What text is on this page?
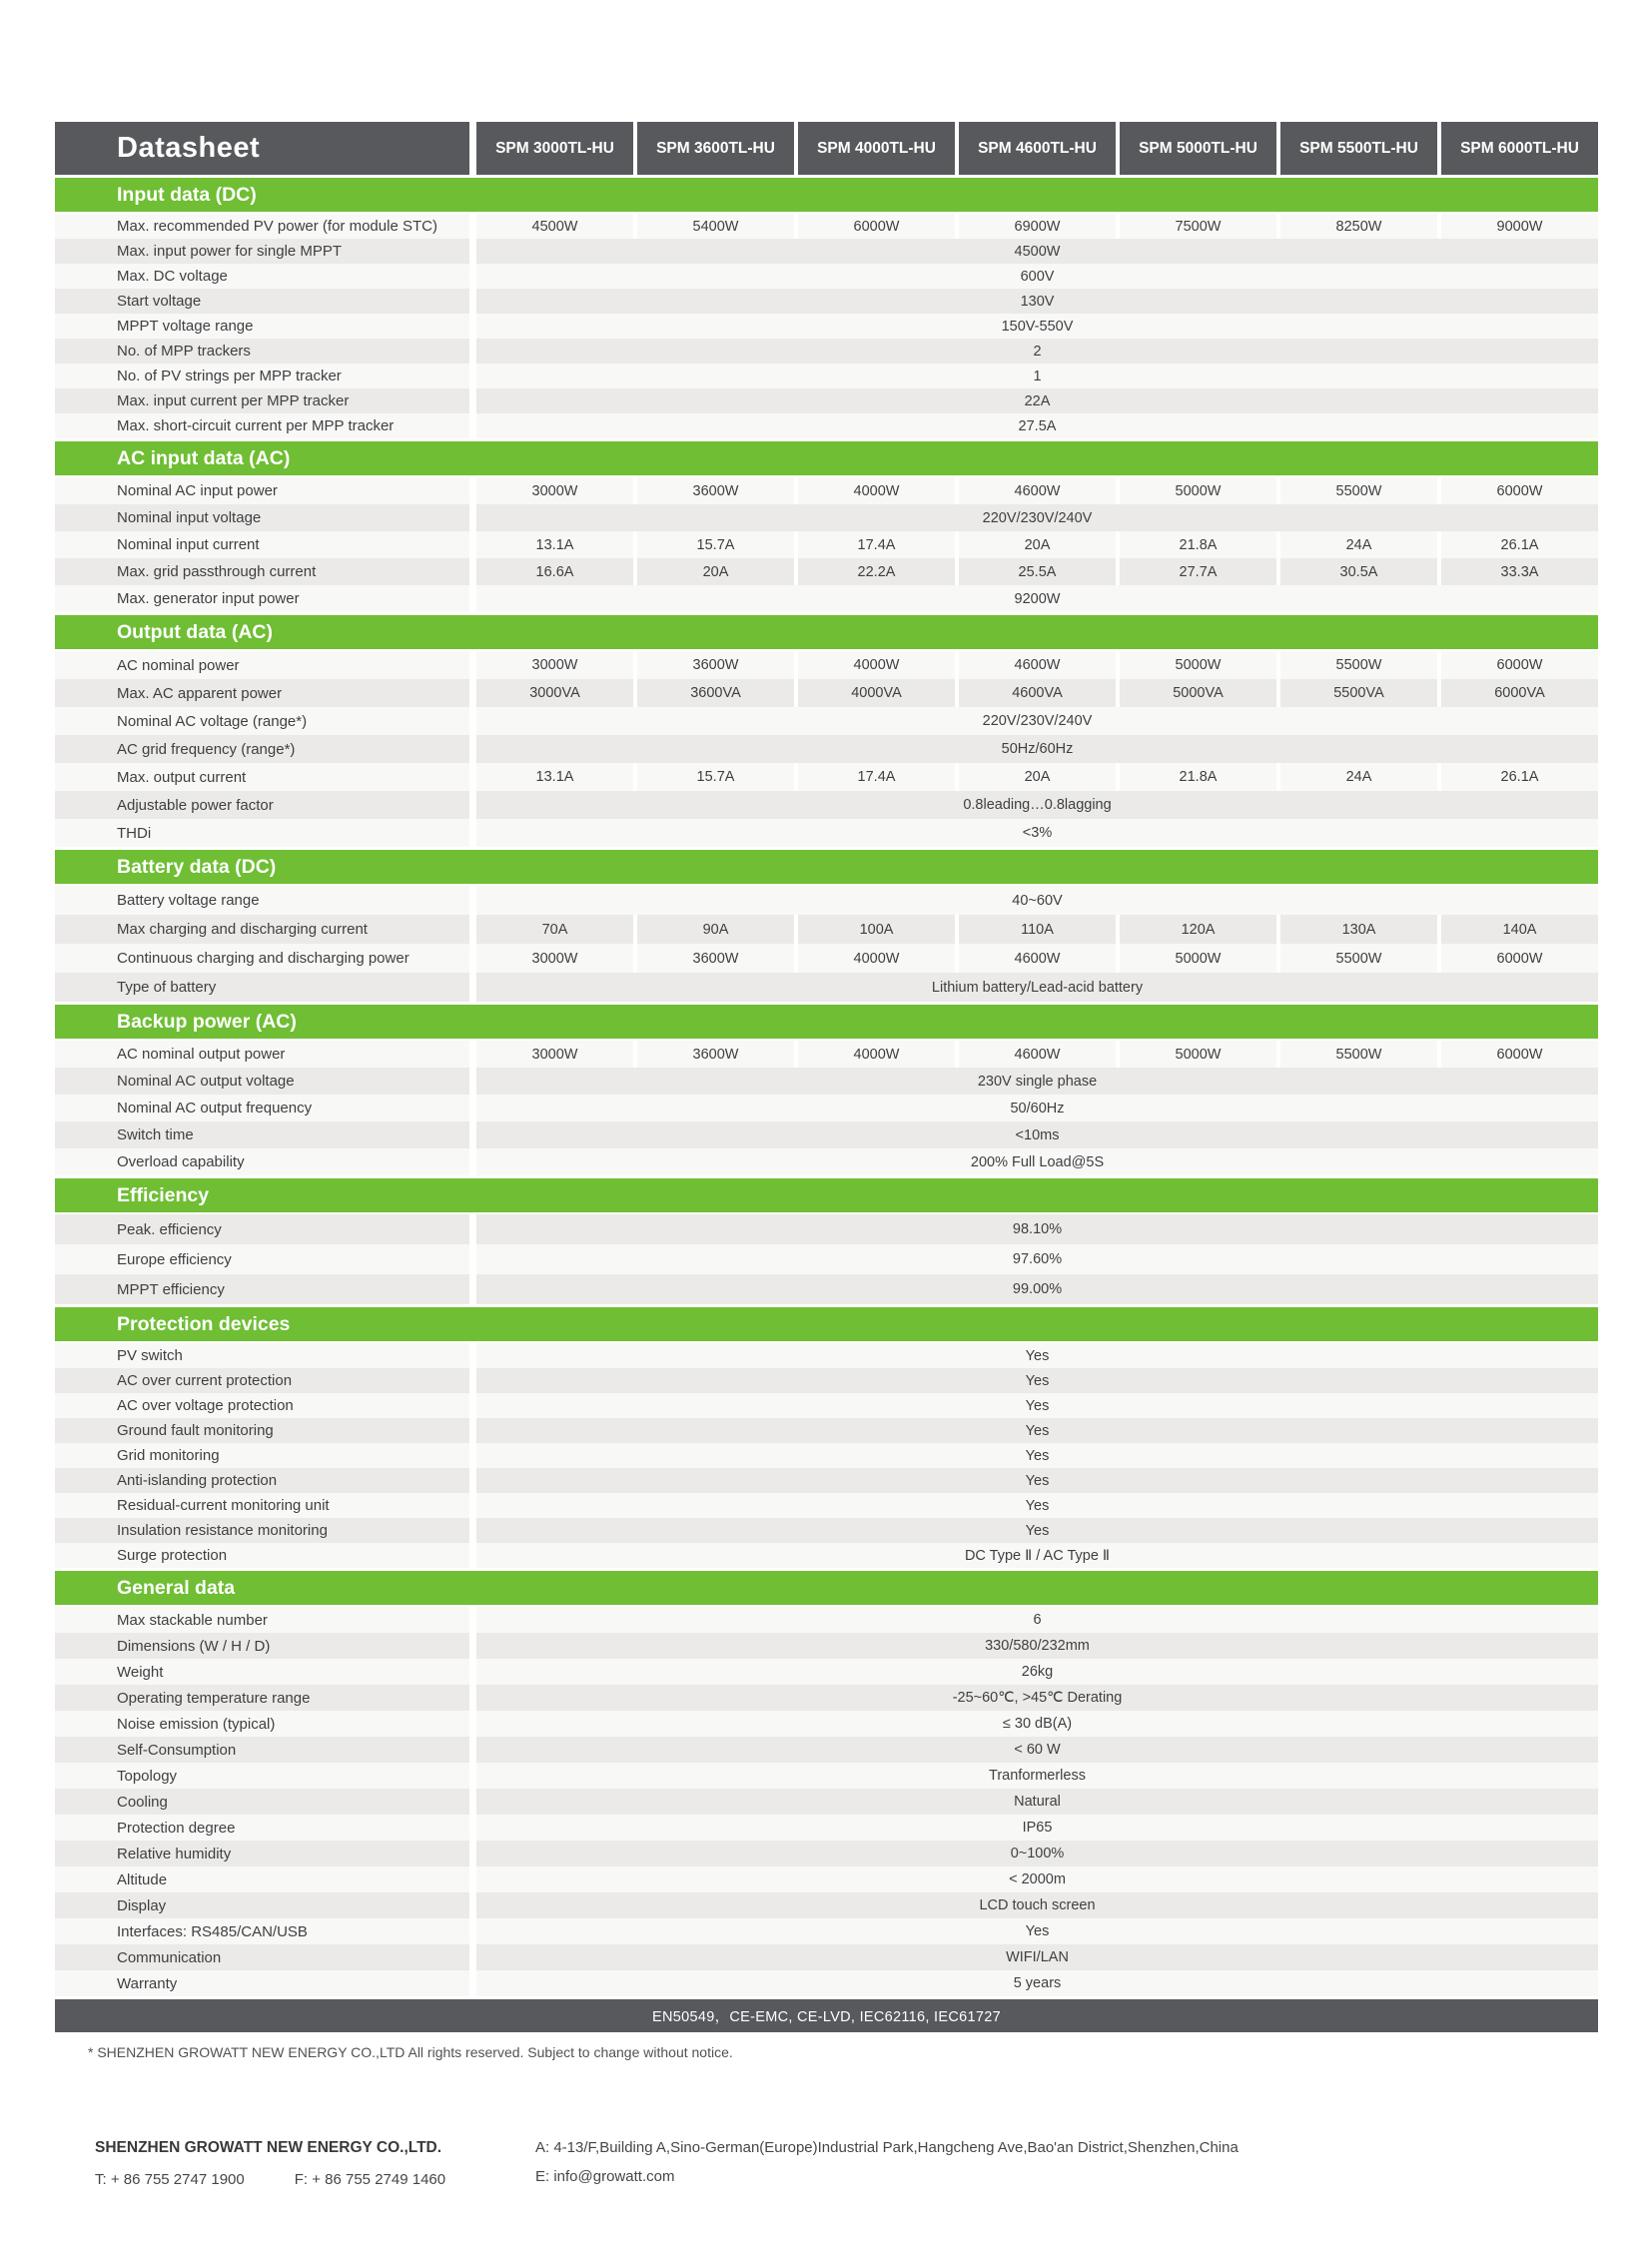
Datasheet	SPM 3000TL-HU	SPM 3600TL-HU	SPM 4000TL-HU	SPM 4600TL-HU	SPM 5000TL-HU	SPM 5500TL-HU	SPM 6000TL-HU
Input data (DC)
Max. recommended PV power (for module STC)	4500W	5400W	6000W	6900W	7500W	8250W	9000W
Max. input power for single MPPT	4500W
Max. DC voltage	600V
Start voltage	130V
MPPT voltage range	150V-550V
No. of MPP trackers	2
No. of PV strings per MPP tracker	1
Max. input current per MPP tracker	22A
Max. short-circuit current per MPP tracker	27.5A
AC input data (AC)
Nominal AC input power	3000W	3600W	4000W	4600W	5000W	5500W	6000W
Nominal input voltage	220V/230V/240V
Nominal input current	13.1A	15.7A	17.4A	20A	21.8A	24A	26.1A
Max. grid passthrough current	16.6A	20A	22.2A	25.5A	27.7A	30.5A	33.3A
Max. generator input power	9200W
Output data (AC)
AC nominal power	3000W	3600W	4000W	4600W	5000W	5500W	6000W
Max. AC apparent power	3000VA	3600VA	4000VA	4600VA	5000VA	5500VA	6000VA
Nominal AC voltage (range*)	220V/230V/240V
AC grid frequency (range*)	50Hz/60Hz
Max. output current	13.1A	15.7A	17.4A	20A	21.8A	24A	26.1A
Adjustable power factor	0.8leading…0.8lagging
THDi	<3%
Battery data (DC)
Battery voltage range	40~60V
Max charging and discharging current	70A	90A	100A	110A	120A	130A	140A
Continuous charging and discharging power	3000W	3600W	4000W	4600W	5000W	5500W	6000W
Type of battery	Lithium battery/Lead-acid battery
Backup power (AC)
AC nominal output power	3000W	3600W	4000W	4600W	5000W	5500W	6000W
Nominal AC output voltage	230V single phase
Nominal AC output frequency	50/60Hz
Switch time	<10ms
Overload capability	200% Full Load@5S
Efficiency
Peak. efficiency	98.10%
Europe efficiency	97.60%
MPPT efficiency	99.00%
Protection devices
PV switch	Yes
AC over current protection	Yes
AC over voltage protection	Yes
Ground fault monitoring	Yes
Grid monitoring	Yes
Anti-islanding protection	Yes
Residual-current monitoring unit	Yes
Insulation resistance monitoring	Yes
Surge protection	DC Type Ⅱ / AC Type Ⅱ
General data
Max stackable number	6
Dimensions (W / H / D)	330/580/232mm
Weight	26kg
Operating temperature range	-25~60℃, >45℃ Derating
Noise emission (typical)	≤ 30 dB(A)
Self-Consumption	< 60 W
Topology	Tranformerless
Cooling	Natural
Protection degree	IP65
Relative humidity	0~100%
Altitude	< 2000m
Display	LCD touch screen
Interfaces: RS485/CAN/USB	Yes
Communication	WIFI/LAN
Warranty	5 years
EN50549，CE-EMC, CE-LVD, IEC62116, IEC61727
* SHENZHEN GROWATT NEW ENERGY CO.,LTD All rights reserved. Subject to change without notice.
SHENZHEN GROWATT NEW ENERGY CO.,LTD.
T: + 86 755 2747 1900	F: + 86 755 2749 1460
A: 4-13/F,Building A,Sino-German(Europe)Industrial Park,Hangcheng Ave,Bao'an District,Shenzhen,China
E: info@growatt.com
